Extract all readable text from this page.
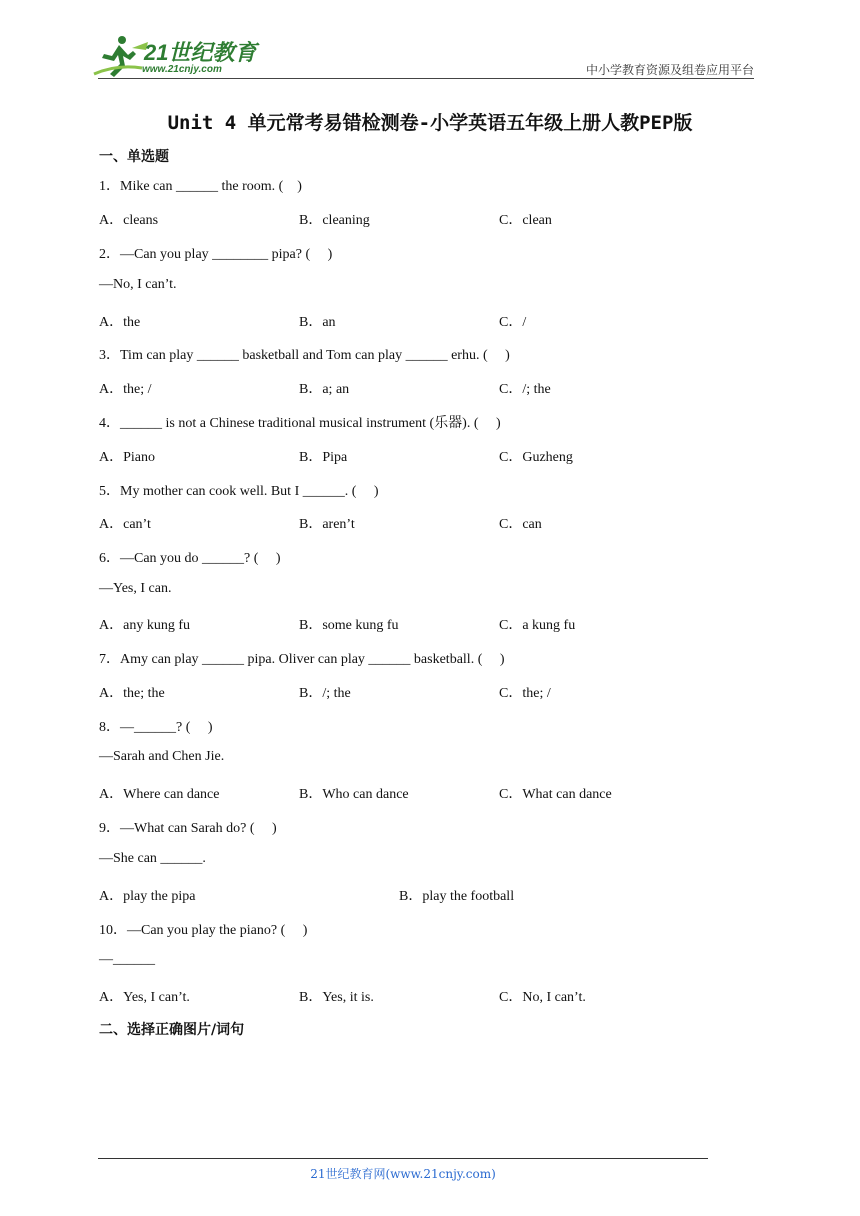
21世纪教育
www.21cnjy.com	中小学教育资源及组卷应用平台
Unit 4 单元常考易错检测卷-小学英语五年级上册人教PEP版
一、单选题
1．Mike can ______ the room. (　)
A．cleans	B．cleaning	C．clean
2．—Can you play ________ pipa? (　 )
—No, I can’t.
A．the	B．an	C．/
3．Tim can play ______ basketball and Tom can play ______ erhu. (　 )
A．the; /	B．a; an	C．/; the
4．______ is not a Chinese traditional musical instrument (乐器). (　 )
A．Piano	B．Pipa	C．Guzheng
5．My mother can cook well. But I ______. (　 )
A．can’t	B．aren’t	C．can
6．—Can you do ______? (　 )
—Yes, I can.
A．any kung fu	B．some kung fu	C．a kung fu
7．Amy can play ______ pipa. Oliver can play ______ basketball. (　 )
A．the; the	B．/; the	C．the; /
8．—______? (　 )
—Sarah and Chen Jie.
A．Where can dance	B．Who can dance	C．What can dance
9．—What can Sarah do? (　 )
—She can ______.
A．play the pipa	B．play the football
10．—Can you play the piano? (　 )
—______
A．Yes, I can’t.	B．Yes, it is.	C．No, I can’t.
二、选择正确图片/词句
21世纪教育网(www.21cnjy.com)
